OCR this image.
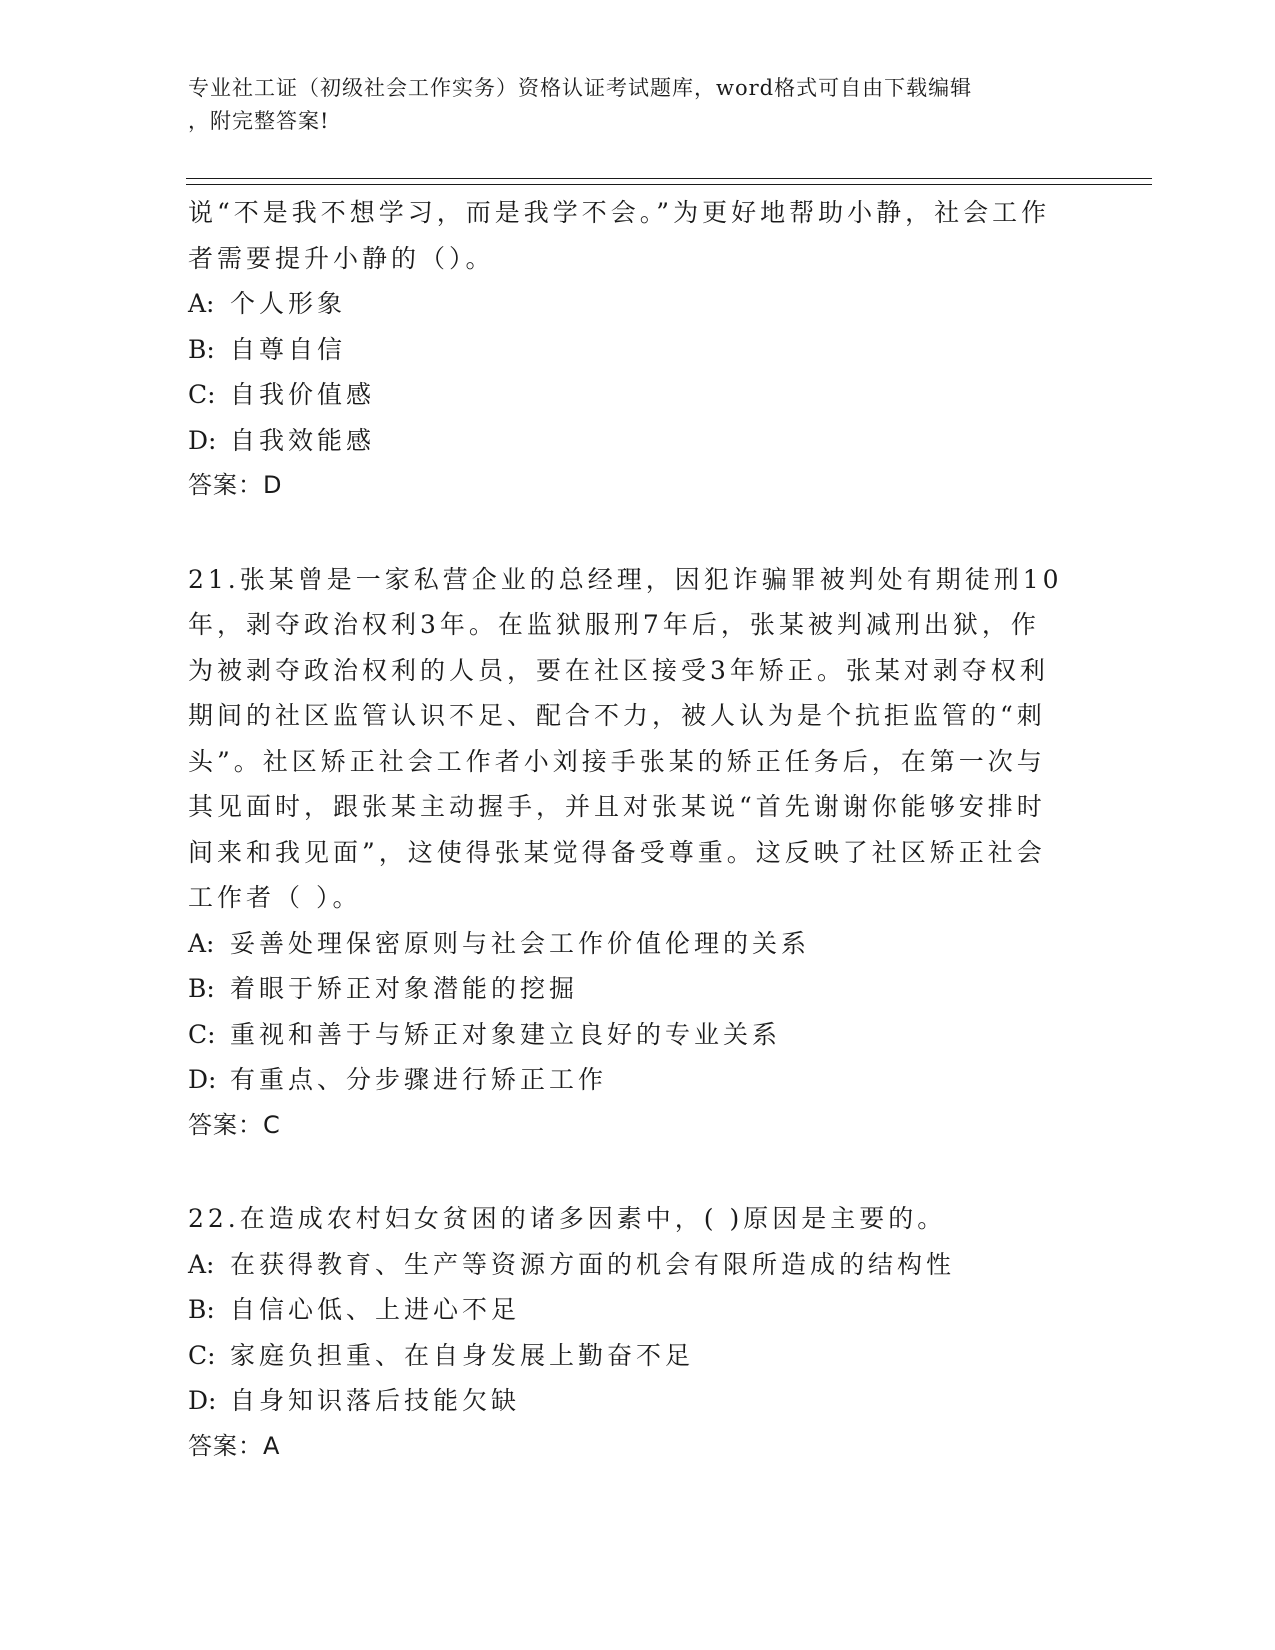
专业社工证（初级社会工作实务）资格认证考试题库，word格式可自由下载编辑
，附完整答案!

说“不是我不想学习，而是我学不会。”为更好地帮助小静，社会工作者需要提升小静的（）。

A: 个人形象
B: 自尊自信
C: 自我价值感
D: 自我效能感
答案：D

21.张某曾是一家私营企业的总经理，因犯诈骗罪被判处有期徒刑10年，剥夺政治权利3年。在监狱服刑7年后，张某被判减刑出狱，作为被剥夺政治权利的人员，要在社区接受3年矫正。张某对剥夺权利期间的社区监管认识不足、配合不力，被人认为是个抗拒监管的“刺头”。社区矫正社会工作者小刘接手张某的矫正任务后，在第一次与其见面时，跟张某主动握手，并且对张某说“首先谢谢你能够安排时间来和我见面”，这使得张某觉得备受尊重。这反映了社区矫正社会工作者（ ）。

A: 妥善处理保密原则与社会工作价值伦理的关系
B: 着眼于矫正对象潜能的挖掘
C: 重视和善于与矫正对象建立良好的专业关系
D: 有重点、分步骤进行矫正工作
答案：C

22.在造成农村妇女贫困的诸多因素中，( )原因是主要的。

A: 在获得教育、生产等资源方面的机会有限所造成的结构性
B: 自信心低、上进心不足
C: 家庭负担重、在自身发展上勤奋不足
D: 自身知识落后技能欠缺
答案：A
